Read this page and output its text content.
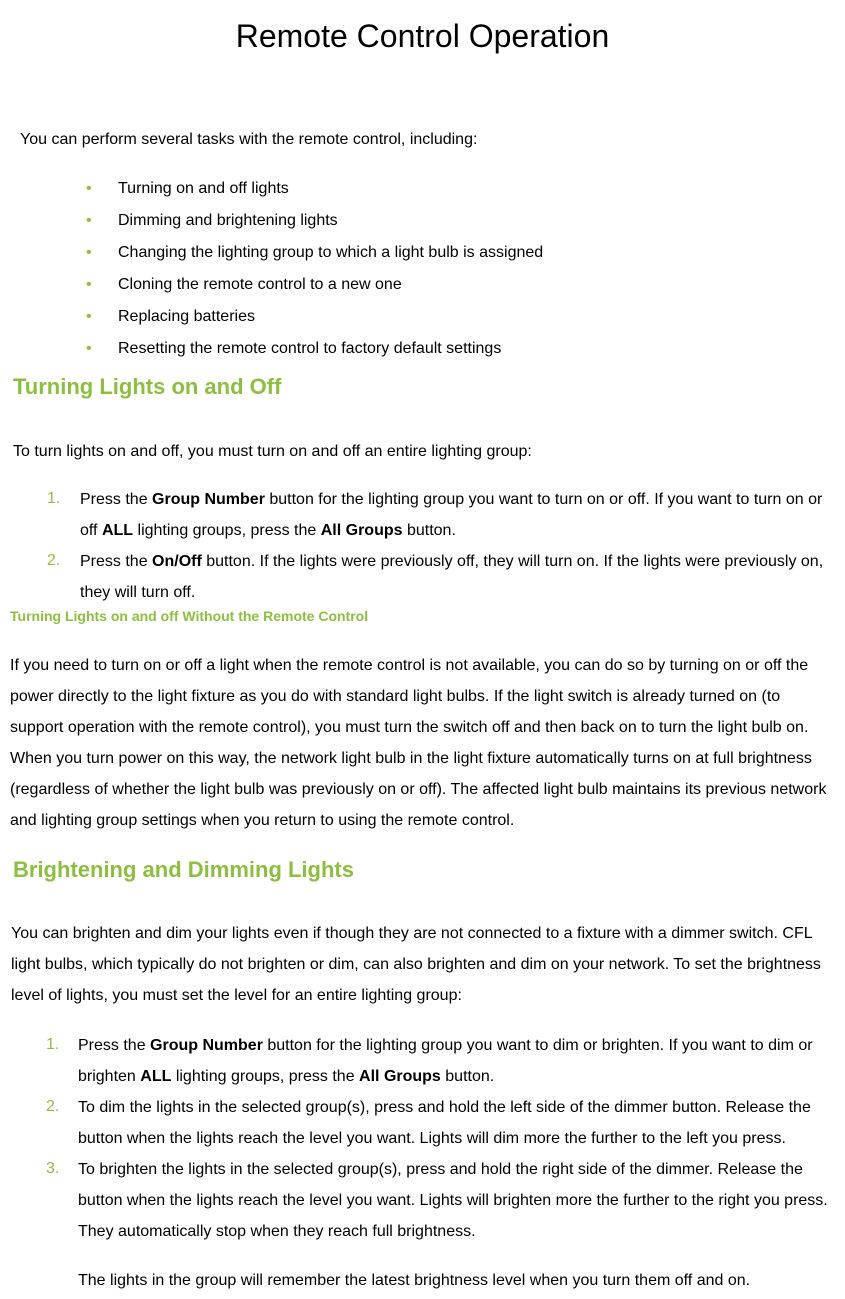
Remote Control Operation

You can perform several tasks with the remote control, including:

• Turning on and off lights
• Dimming and brightening lights
• Changing the lighting group to which a light bulb is assigned
• Cloning the remote control to a new one
• Replacing batteries
• Resetting the remote control to factory default settings
Turning Lights on and Off

To turn lights on and off, you must turn on and off an entire lighting group:

1. Press the Group Number button for the lighting group you want to turn on or off. If you want to turn on or off ALL lighting groups, press the All Groups button.
2. Press the On/Off button. If the lights were previously off, they will turn on. If the lights were previously on, they will turn off.
Turning Lights on and off Without the Remote Control

If you need to turn on or off a light when the remote control is not available, you can do so by turning on or off the power directly to the light fixture as you do with standard light bulbs. If the light switch is already turned on (to support operation with the remote control), you must turn the switch off and then back on to turn the light bulb on. When you turn power on this way, the network light bulb in the light fixture automatically turns on at full brightness (regardless of whether the light bulb was previously on or off). The affected light bulb maintains its previous network and lighting group settings when you return to using the remote control.

Brightening and Dimming Lights

You can brighten and dim your lights even if though they are not connected to a fixture with a dimmer switch. CFL light bulbs, which typically do not brighten or dim, can also brighten and dim on your network. To set the brightness level of lights, you must set the level for an entire lighting group:

1. Press the Group Number button for the lighting group you want to dim or brighten. If you want to dim or brighten ALL lighting groups, press the All Groups button.
2. To dim the lights in the selected group(s), press and hold the left side of the dimmer button. Release the button when the lights reach the level you want. Lights will dim more the further to the left you press.
3. To brighten the lights in the selected group(s), press and hold the right side of the dimmer. Release the button when the lights reach the level you want. Lights will brighten more the further to the right you press. They automatically stop when they reach full brightness.

The lights in the group will remember the latest brightness level when you turn them off and on.
